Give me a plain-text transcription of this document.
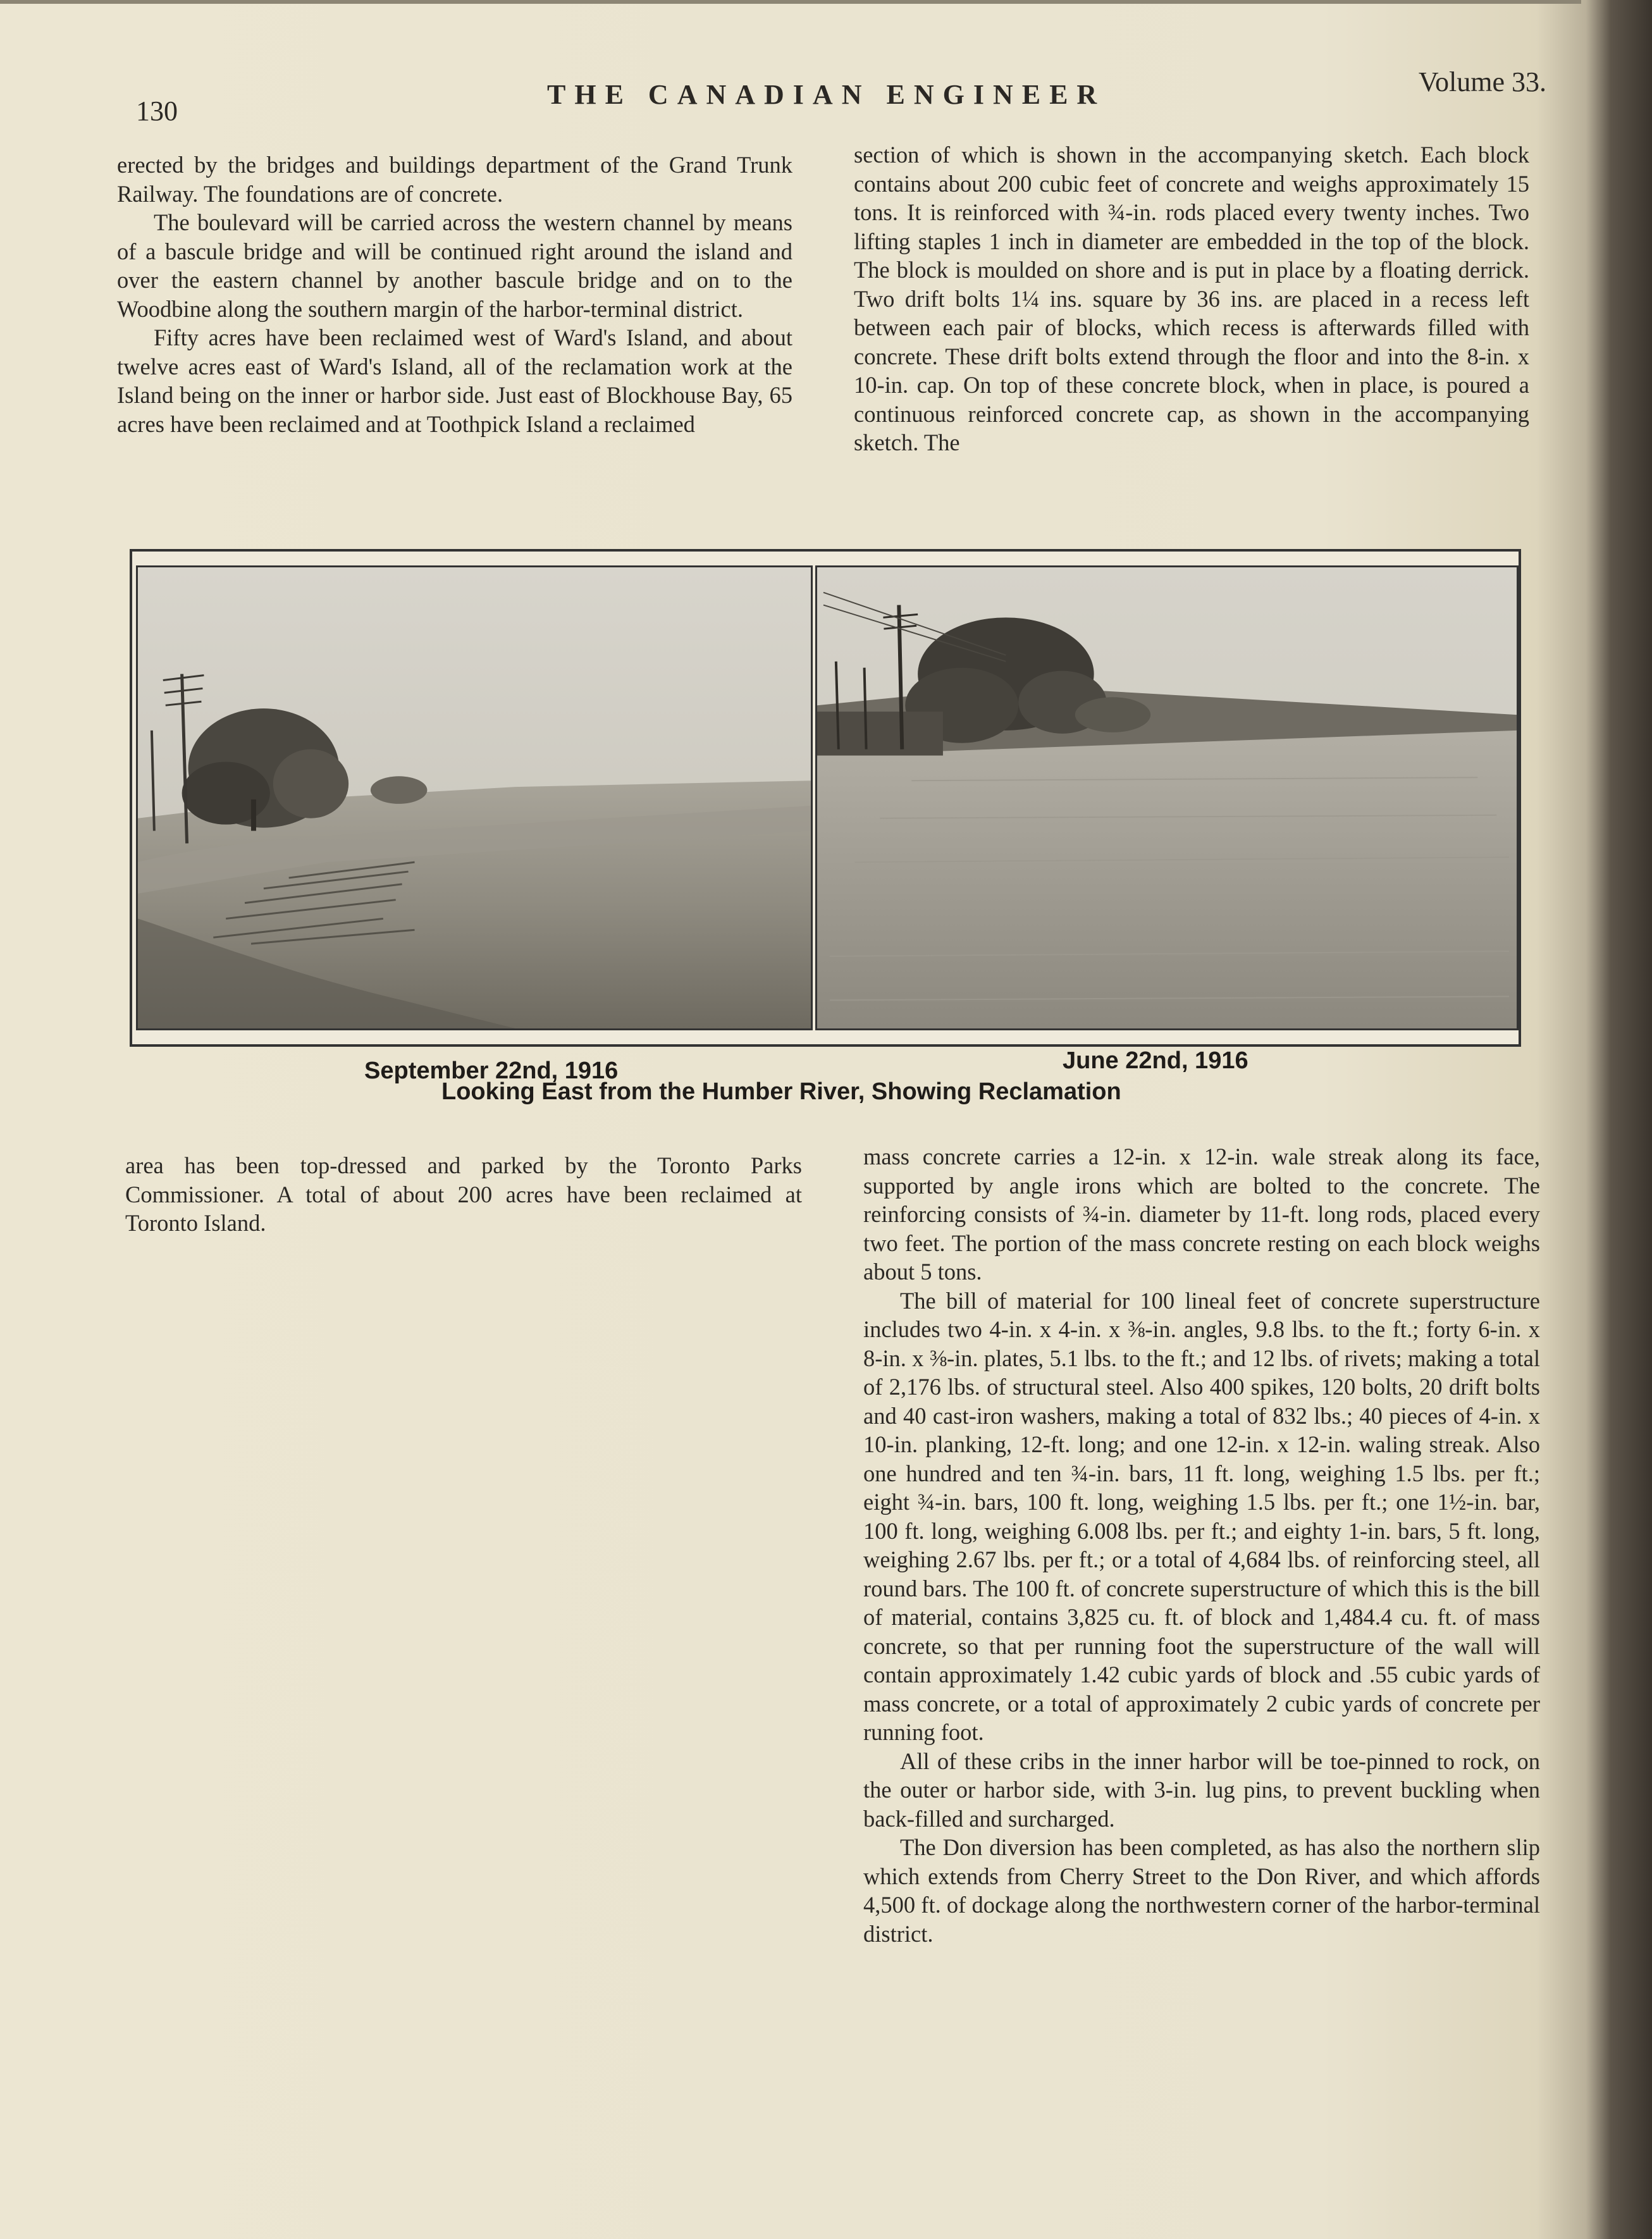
130
THE CANADIAN ENGINEER	Volume 33.

erected by the bridges and buildings department of the Grand Trunk Railway. The foundations are of concrete.

The boulevard will be carried across the western channel by means of a bascule bridge and will be continued right around the island and over the eastern channel by another bascule bridge and on to the Woodbine along the southern margin of the harbor-terminal district.

Fifty acres have been reclaimed west of Ward's Island, and about twelve acres east of Ward's Island, all of the reclamation work at the Island being on the inner or harbor side. Just east of Blockhouse Bay, 65 acres have been reclaimed and at Toothpick Island a reclaimed

section of which is shown in the accompanying sketch. Each block contains about 200 cubic feet of concrete and weighs approximately 15 tons. It is reinforced with ¾-in. rods placed every twenty inches. Two lifting staples 1 inch in diameter are embedded in the top of the block. The block is moulded on shore and is put in place by a floating derrick. Two drift bolts 1¼ ins. square by 36 ins. are placed in a recess left between each pair of blocks, which recess is afterwards filled with concrete. These drift bolts extend through the floor and into the 8-in. x 10-in. cap. On top of these concrete block, when in place, is poured a continuous reinforced concrete cap, as shown in the accompanying sketch. The

September 22nd, 1916	June 22nd, 1916
Looking East from the Humber River, Showing Reclamation

area has been top-dressed and parked by the Toronto Parks Commissioner. A total of about 200 acres have been reclaimed at Toronto Island.

mass concrete carries a 12-in. x 12-in. wale streak along its face, supported by angle irons which are bolted to the concrete. The reinforcing consists of ¾-in. diameter by 11-ft. long rods, placed every two feet. The portion of the mass concrete resting on each block weighs about 5 tons.

The bill of material for 100 lineal feet of concrete superstructure includes two 4-in. x 4-in. x ⅜-in. angles, 9.8 lbs. to the ft.; forty 6-in. x 8-in. x ⅜-in. plates, 5.1 lbs. to the ft.; and 12 lbs. of rivets; making a total of 2,176 lbs. of structural steel. Also 400 spikes, 120 bolts, 20 drift bolts and 40 cast-iron washers, making a total of 832 lbs.; 40 pieces of 4-in. x 10-in. planking, 12-ft. long; and one 12-in. x 12-in. waling streak. Also one hundred and ten ¾-in. bars, 11 ft. long, weighing 1.5 lbs. per ft.; eight ¾-in. bars, 100 ft. long, weighing 1.5 lbs. per ft.; one 1½-in. bar, 100 ft. long, weighing 6.008 lbs. per ft.; and eighty 1-in. bars, 5 ft. long, weighing 2.67 lbs. per ft.; or a total of 4,684 lbs. of reinforcing steel, all round bars. The 100 ft. of concrete superstructure of which this is the bill of material, contains 3,825 cu. ft. of block and 1,484.4 cu. ft. of mass concrete, so that per running foot the superstructure of the wall will contain approximately 1.42 cubic yards of block and .55 cubic yards of mass concrete, or a total of approximately 2 cubic yards of concrete per running foot.

All of these cribs in the inner harbor will be toe-pinned to rock, on the outer or harbor side, with 3-in. lug pins, to prevent buckling when back-filled and surcharged.

The Don diversion has been completed, as has also the northern slip which extends from Cherry Street to the Don River, and which affords 4,500 ft. of dockage along the northwestern corner of the harbor-terminal district.
